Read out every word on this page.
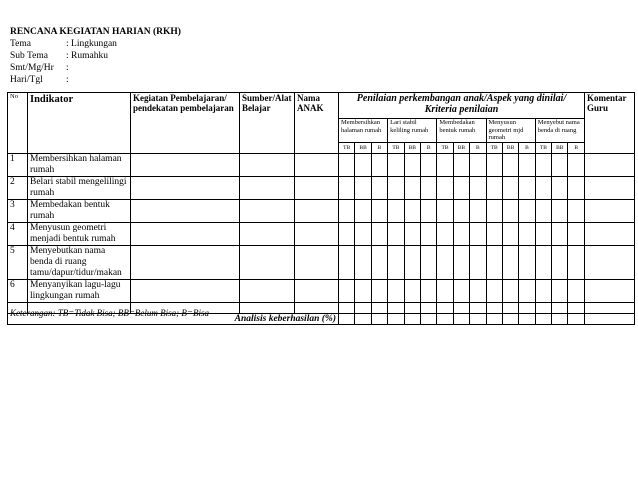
RENCANA KEGIATAN HARIAN (RKH)
Tema	: Lingkungan
Sub Tema	: Rumahku
Smt/Mg/Hr	:
Hari/Tgl	:
No	Indikator	Kegiatan Pembelajaran/ pendekatan pembelajaran	Sumber/Alat Belajar	Nama ANAK	Penilaian perkembangan anak/Aspek yang dinilai/ Kriteria penilaian															Komentar Guru
					Membersihkan halaman rumah			Lari stabil keliling rumah			Membedakan bentuk rumah			Menyusun geometri mjd rumah			Menyebut nama benda di ruang			
					TB	BB	B	TB	BB	B	TB	BB	B	TB	BB	B	TB	BB	B	
1	Membersihkan halaman rumah																			
2	Belari stabil mengelilingi rumah																			
3	Membedakan bentuk rumah																			
4	Menyusun geometri menjadi bentuk rumah																			
5	Menyebutkan nama benda di ruang tamu/dapur/tidur/makan																			
6	Menyanyikan lagu-lagu lingkungan rumah																			

Analisis keberhasilan (%)																				
Keterangan: TB=Tidak Bisa; BB=Belum Bisa; B=Bisa
